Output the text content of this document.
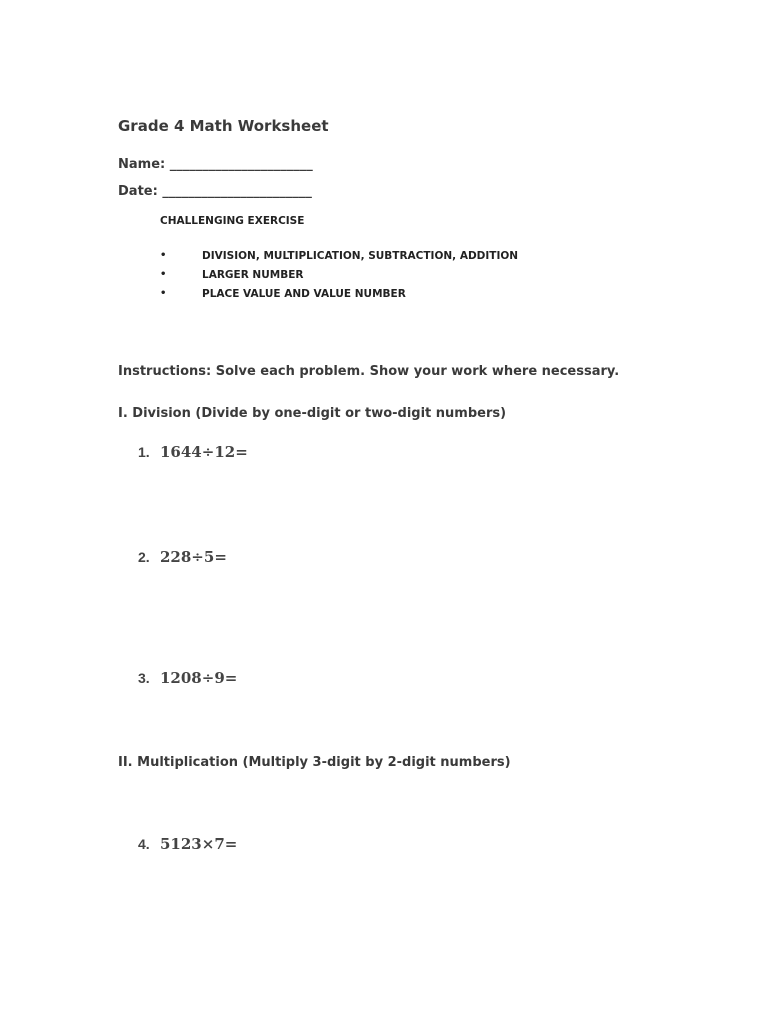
Grade 4 Math Worksheet
Name: ______________________
Date: _______________________
CHALLENGING EXERCISE
•	DIVISION, MULTIPLICATION, SUBTRACTION, ADDITION
•	LARGER NUMBER
•	PLACE VALUE AND VALUE NUMBER
Instructions: Solve each problem. Show your work where necessary.
I. Division (Divide by one-digit or two-digit numbers)
1. 1644÷12=
2. 228÷5=
3. 1208÷9=
II. Multiplication (Multiply 3-digit by 2-digit numbers)
4. 5123×7=
